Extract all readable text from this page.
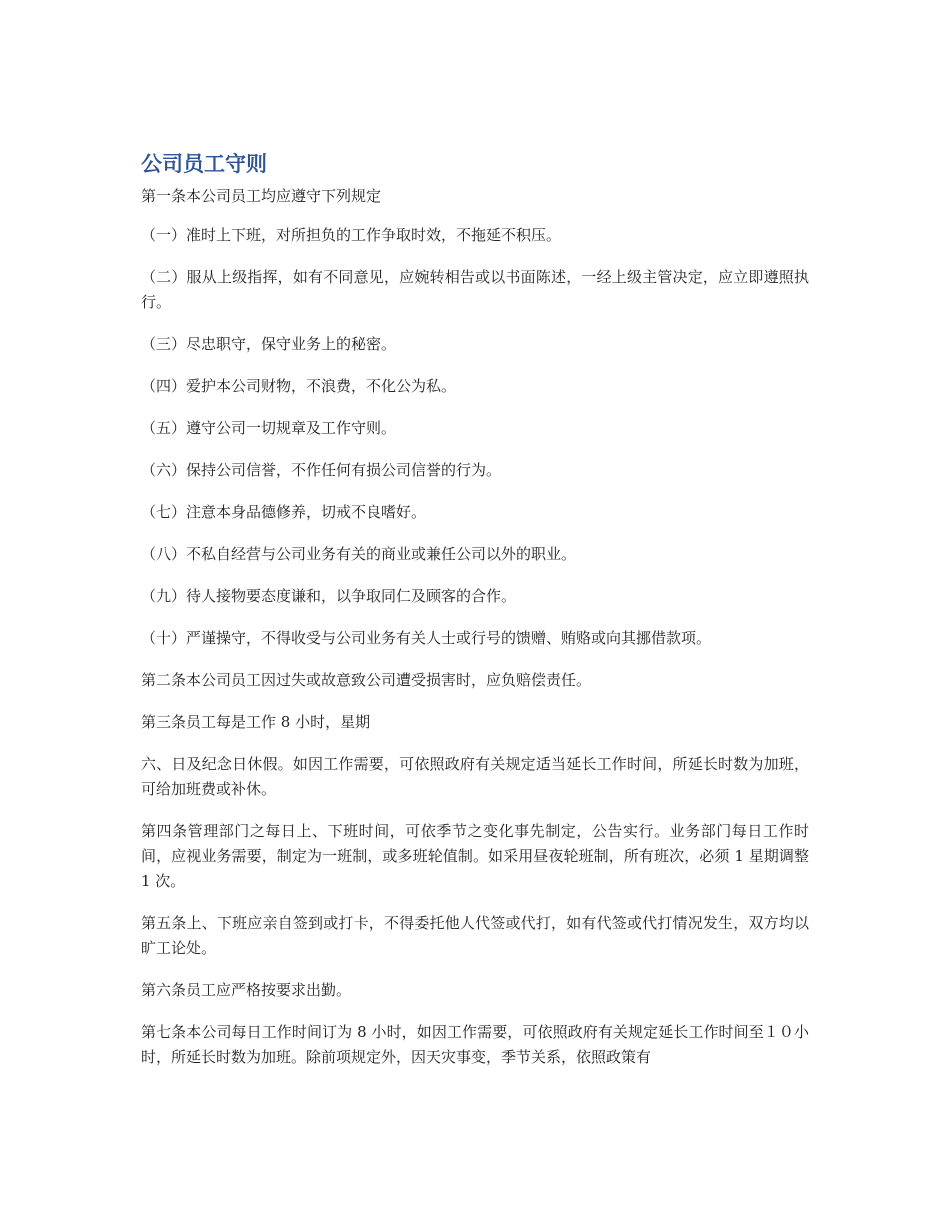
公司员工守则

第一条本公司员工均应遵守下列规定

（一）准时上下班，对所担负的工作争取时效，不拖延不积压。

（二）服从上级指挥，如有不同意见，应婉转相告或以书面陈述，一经上级主管决定，应立即遵照执行。

（三）尽忠职守，保守业务上的秘密。

（四）爱护本公司财物，不浪费，不化公为私。

（五）遵守公司一切规章及工作守则。

（六）保持公司信誉，不作任何有损公司信誉的行为。

（七）注意本身品德修养，切戒不良嗜好。

（八）不私自经营与公司业务有关的商业或兼任公司以外的职业。

（九）待人接物要态度谦和，以争取同仁及顾客的合作。

（十）严谨操守，不得收受与公司业务有关人士或行号的馈赠、贿赂或向其挪借款项。

第二条本公司员工因过失或故意致公司遭受损害时，应负赔偿责任。

第三条员工每是工作 8 小时，星期

六、日及纪念日休假。如因工作需要，可依照政府有关规定适当延长工作时间，所延长时数为加班，可给加班费或补休。

第四条管理部门之每日上、下班时间，可依季节之变化事先制定，公告实行。业务部门每日工作时间，应视业务需要，制定为一班制，或多班轮值制。如采用昼夜轮班制，所有班次，必须 1 星期调整 1 次。

第五条上、下班应亲自签到或打卡，不得委托他人代签或代打，如有代签或代打情况发生，双方均以旷工论处。

第六条员工应严格按要求出勤。

第七条本公司每日工作时间订为 8 小时，如因工作需要，可依照政府有关规定延长工作时间至１０小时，所延长时数为加班。除前项规定外，因天灾事变，季节关系，依照政策有
